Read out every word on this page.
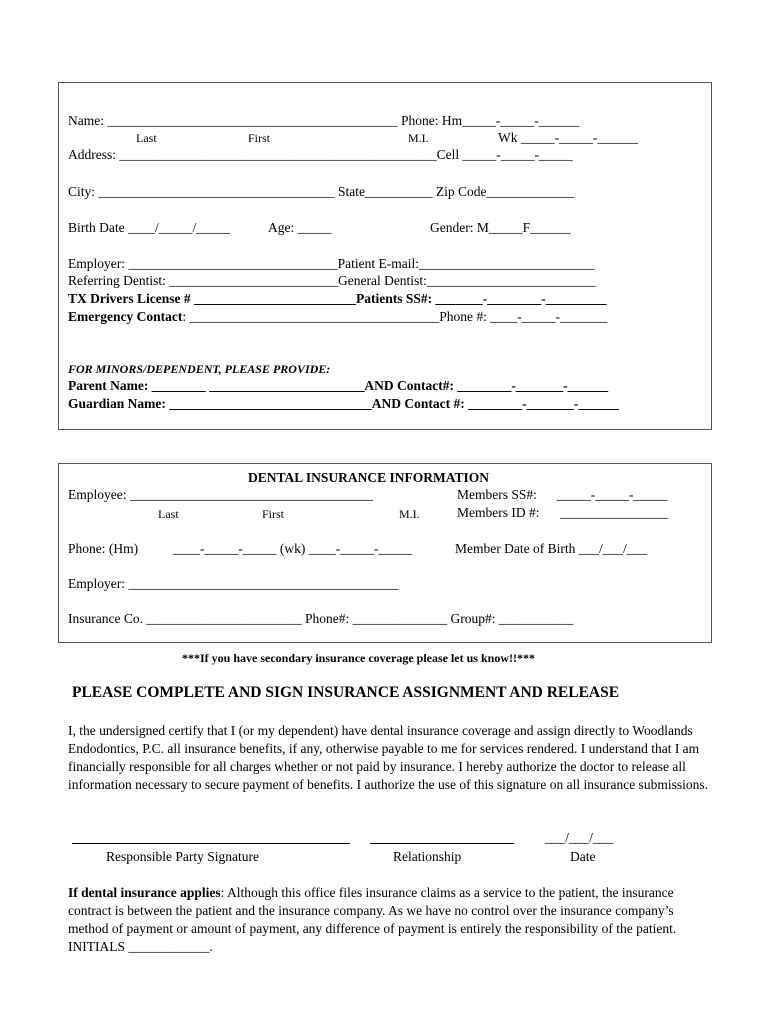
Name: ___________________________________________ Phone: Hm_____-_____-______
Last	First	M.I.	Wk _____-_____-______
Address: _______________________________________________Cell _____-_____-_____
City: ___________________________________ State__________ Zip Code_____________
Birth Date ____/_____/_____	Age: _____	Gender: M_____F______
Employer: _______________________________Patient E-mail:__________________________
Referring Dentist: _________________________General Dentist:_________________________
TX Drivers License # ________________________Patients SS#: _______-________-_________
Emergency Contact: _____________________________________Phone #: ____-_____-_______
FOR MINORS/DEPENDENT, PLEASE PROVIDE:
Parent Name: ________ _______________________AND Contact#: ________-_______-______
Guardian Name: ______________________________AND Contact #: ________-_______-______
DENTAL INSURANCE INFORMATION
Employee: ____________________________________	Members SS#: _____-_____-_____
Last	First	M.I.	Members ID #: ________________
Phone: (Hm)	____-_____-_____ (wk) ____-_____-_____	Member Date of Birth ___/___/___
Employer: ________________________________________
Insurance Co. _______________________ Phone#: ______________ Group#: ___________
***If you have secondary insurance coverage please let us know!!***
PLEASE COMPLETE AND SIGN INSURANCE ASSIGNMENT AND RELEASE
I, the undersigned certify that I (or my dependent) have dental insurance coverage and assign directly to Woodlands Endodontics, P.C. all insurance benefits, if any, otherwise payable to me for services rendered. I understand that I am financially responsible for all charges whether or not paid by insurance. I hereby authorize the doctor to release all information necessary to secure payment of benefits. I authorize the use of this signature on all insurance submissions.
___/___/___
Responsible Party Signature	Relationship	Date
If dental insurance applies: Although this office files insurance claims as a service to the patient, the insurance contract is between the patient and the insurance company. As we have no control over the insurance company’s method of payment or amount of payment, any difference of payment is entirely the responsibility of the patient. INITIALS ____________.
